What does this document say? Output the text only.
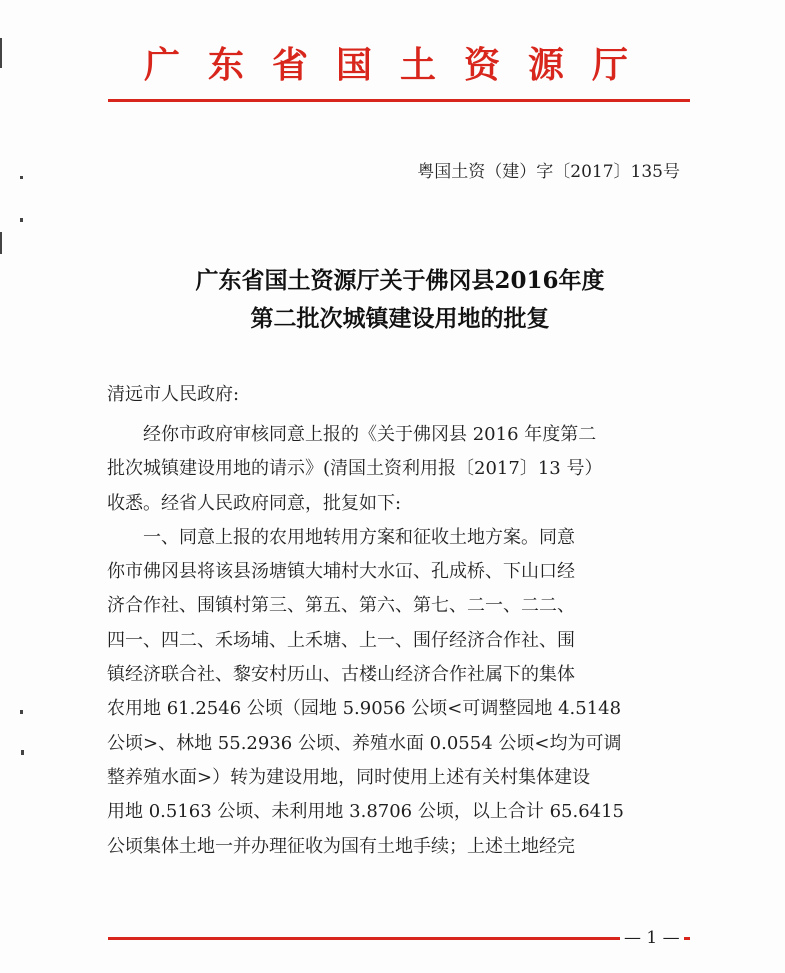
广东省国土资源厅
粤国土资（建）字〔2017〕135号
广东省国土资源厅关于佛冈县2016年度
第二批次城镇建设用地的批复
清远市人民政府:
　　经你市政府审核同意上报的《关于佛冈县 2016 年度第二
批次城镇建设用地的请示》(清国土资利用报〔2017〕13 号）
收悉。经省人民政府同意，批复如下:
　　一、同意上报的农用地转用方案和征收土地方案。同意
你市佛冈县将该县汤塘镇大埔村大水冚、孔成桥、下山口经
济合作社、围镇村第三、第五、第六、第七、二一、二二、
四一、四二、禾场埔、上禾塘、上一、围仔经济合作社、围
镇经济联合社、黎安村历山、古楼山经济合作社属下的集体
农用地 61.2546 公顷（园地 5.9056 公顷<可调整园地 4.5148
公顷>、林地 55.2936 公顷、养殖水面 0.0554 公顷<均为可调
整养殖水面>）转为建设用地，同时使用上述有关村集体建设
用地 0.5163 公顷、未利用地 3.8706 公顷，以上合计 65.6415
公顷集体土地一并办理征收为国有土地手续；上述土地经完
— 1 —
